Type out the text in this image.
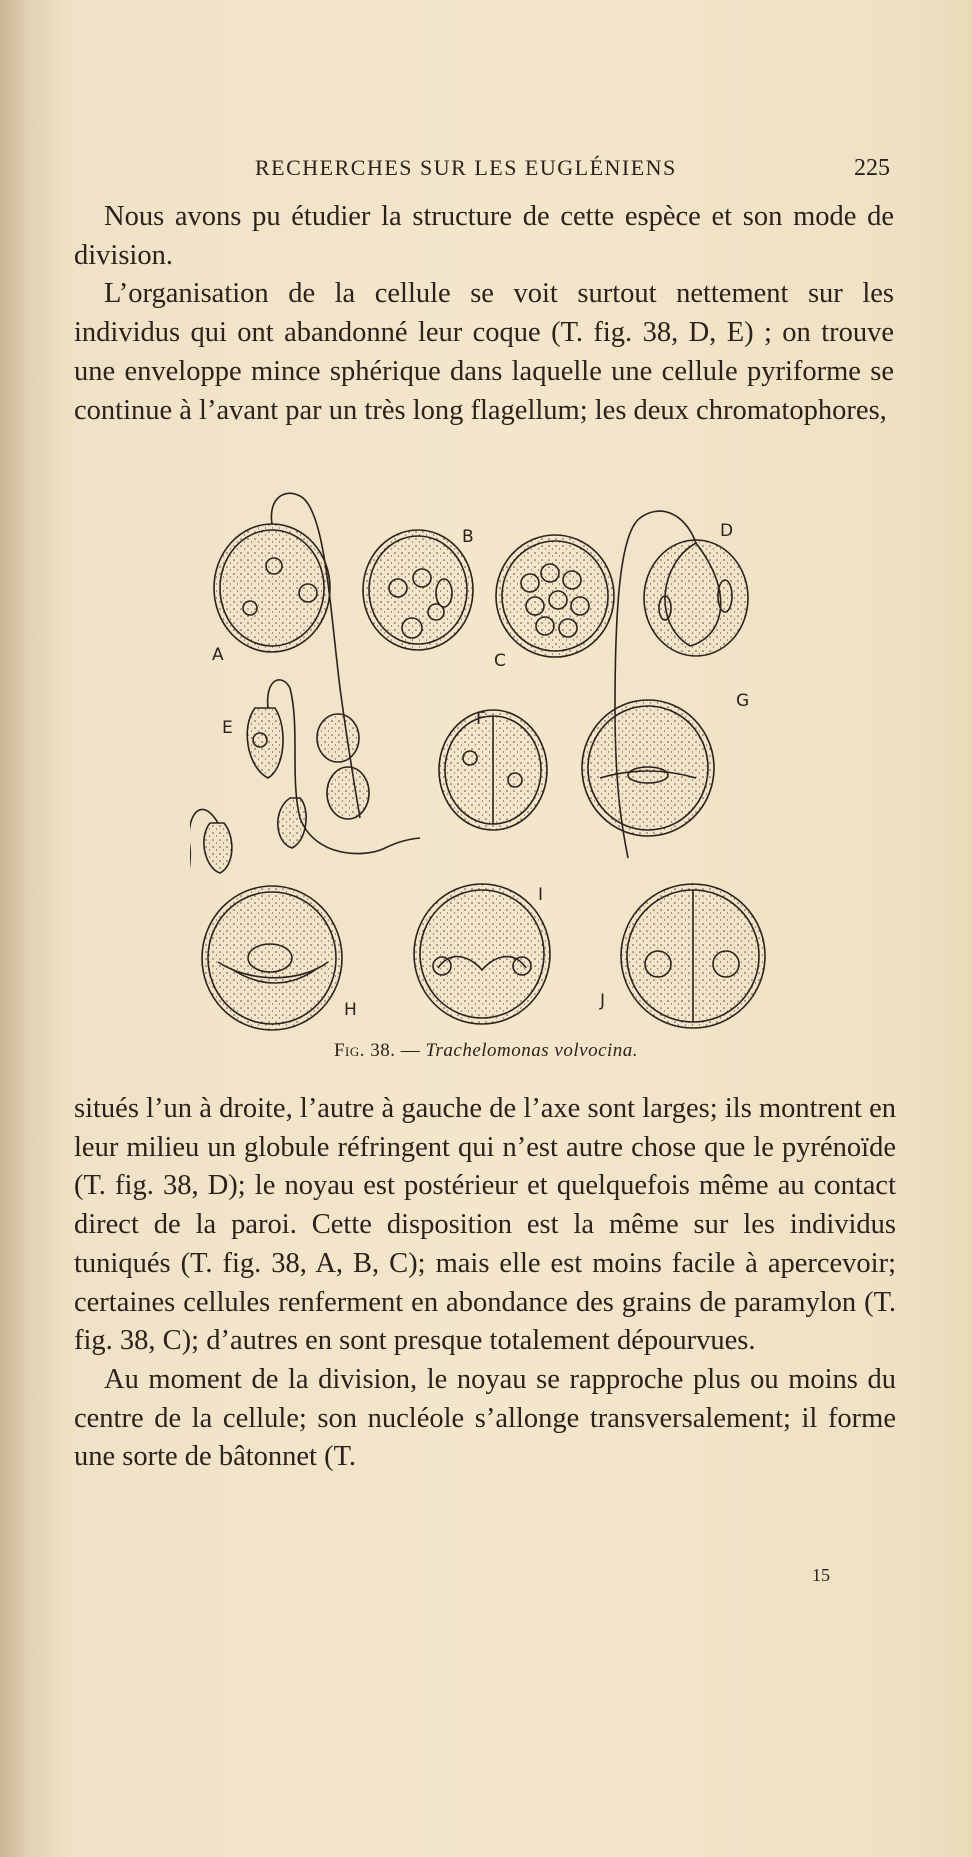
RECHERCHES SUR LES EUGLÉNIENS	225

Nous avons pu étudier la structure de cette espèce et son mode de division.

L’organisation de la cellule se voit surtout nettement sur les individus qui ont abandonné leur coque (T. fig. 38, D, E) ; on trouve une enveloppe mince sphérique dans laquelle une cellule pyriforme se continue à l’avant par un très long flagellum; les deux chromatophores,

A
B
C
D
E	F
G
H
I
J
Fig. 38. — Trachelomonas volvocina.

situés l’un à droite, l’autre à gauche de l’axe sont larges; ils montrent en leur milieu un globule réfringent qui n’est autre chose que le pyrénoïde (T. fig. 38, D); le noyau est postérieur et quelquefois même au contact direct de la paroi. Cette disposition est la même sur les individus tuniqués (T. fig. 38, A, B, C); mais elle est moins facile à apercevoir; certaines cellules renferment en abondance des grains de paramylon (T. fig. 38, C); d’autres en sont presque totalement dépourvues.

Au moment de la division, le noyau se rapproche plus ou moins du centre de la cellule; son nucléole s’allonge transversalement; il forme une sorte de bâtonnet (T.

15
